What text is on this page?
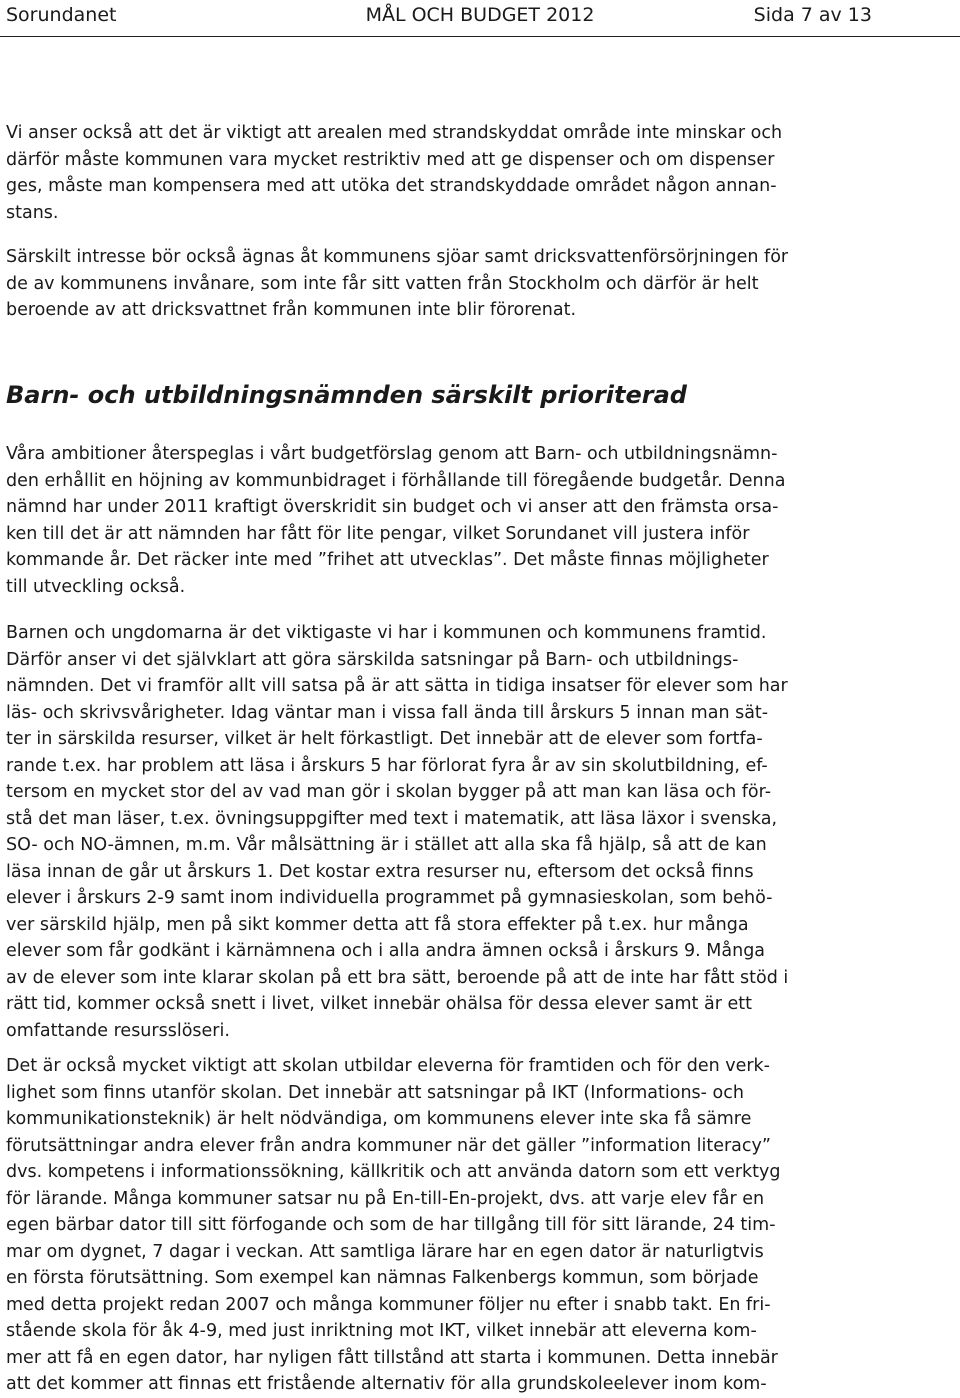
Sorundanet	MÅL OCH BUDGET 2012	Sida 7 av 13

Vi anser också att det är viktigt att arealen med strandskyddat område inte minskar och
därför måste kommunen vara mycket restriktiv med att ge dispenser och om dispenser
ges, måste man kompensera med att utöka det strandskyddade området någon annan-
stans.

Särskilt intresse bör också ägnas åt kommunens sjöar samt dricksvattenförsörjningen för
de av kommunens invånare, som inte får sitt vatten från Stockholm och därför är helt
beroende av att dricksvattnet från kommunen inte blir förorenat.

Barn- och utbildningsnämnden särskilt prioriterad

Våra ambitioner återspeglas i vårt budgetförslag genom att Barn- och utbildningsnämn-
den erhållit en höjning av kommunbidraget i förhållande till föregående budgetår. Denna
nämnd har under 2011 kraftigt överskridit sin budget och vi anser att den främsta orsa-
ken till det är att nämnden har fått för lite pengar, vilket Sorundanet vill justera inför
kommande år. Det räcker inte med ”frihet att utvecklas”. Det måste finnas möjligheter
till utveckling också.

Barnen och ungdomarna är det viktigaste vi har i kommunen och kommunens framtid.
Därför anser vi det självklart att göra särskilda satsningar på Barn- och utbildnings-
nämnden. Det vi framför allt vill satsa på är att sätta in tidiga insatser för elever som har
läs- och skrivsvårigheter. Idag väntar man i vissa fall ända till årskurs 5 innan man sät-
ter in särskilda resurser, vilket är helt förkastligt. Det innebär att de elever som fortfa-
rande t.ex. har problem att läsa i årskurs 5 har förlorat fyra år av sin skolutbildning, ef-
tersom en mycket stor del av vad man gör i skolan bygger på att man kan läsa och för-
stå det man läser, t.ex. övningsuppgifter med text i matematik, att läsa läxor i svenska,
SO- och NO-ämnen, m.m. Vår målsättning är i stället att alla ska få hjälp, så att de kan
läsa innan de går ut årskurs 1. Det kostar extra resurser nu, eftersom det också finns
elever i årskurs 2-9 samt inom individuella programmet på gymnasieskolan, som behö-
ver särskild hjälp, men på sikt kommer detta att få stora effekter på t.ex. hur många
elever som får godkänt i kärnämnena och i alla andra ämnen också i årskurs 9. Många
av de elever som inte klarar skolan på ett bra sätt, beroende på att de inte har fått stöd i
rätt tid, kommer också snett i livet, vilket innebär ohälsa för dessa elever samt är ett
omfattande resursslöseri.

Det är också mycket viktigt att skolan utbildar eleverna för framtiden och för den verk-
lighet som finns utanför skolan. Det innebär att satsningar på IKT (Informations- och
kommunikationsteknik) är helt nödvändiga, om kommunens elever inte ska få sämre
förutsättningar andra elever från andra kommuner när det gäller ”information literacy”
dvs. kompetens i informationssökning, källkritik och att använda datorn som ett verktyg
för lärande. Många kommuner satsar nu på En-till-En-projekt, dvs. att varje elev får en
egen bärbar dator till sitt förfogande och som de har tillgång till för sitt lärande, 24 tim-
mar om dygnet, 7 dagar i veckan. Att samtliga lärare har en egen dator är naturligtvis
en första förutsättning. Som exempel kan nämnas Falkenbergs kommun, som började
med detta projekt redan 2007 och många kommuner följer nu efter i snabb takt. En fri-
stående skola för åk 4-9, med just inriktning mot IKT, vilket innebär att eleverna kom-
mer att få en egen dator, har nyligen fått tillstånd att starta i kommunen. Detta innebär
att det kommer att finnas ett fristående alternativ för alla grundskoleelever inom kom-
